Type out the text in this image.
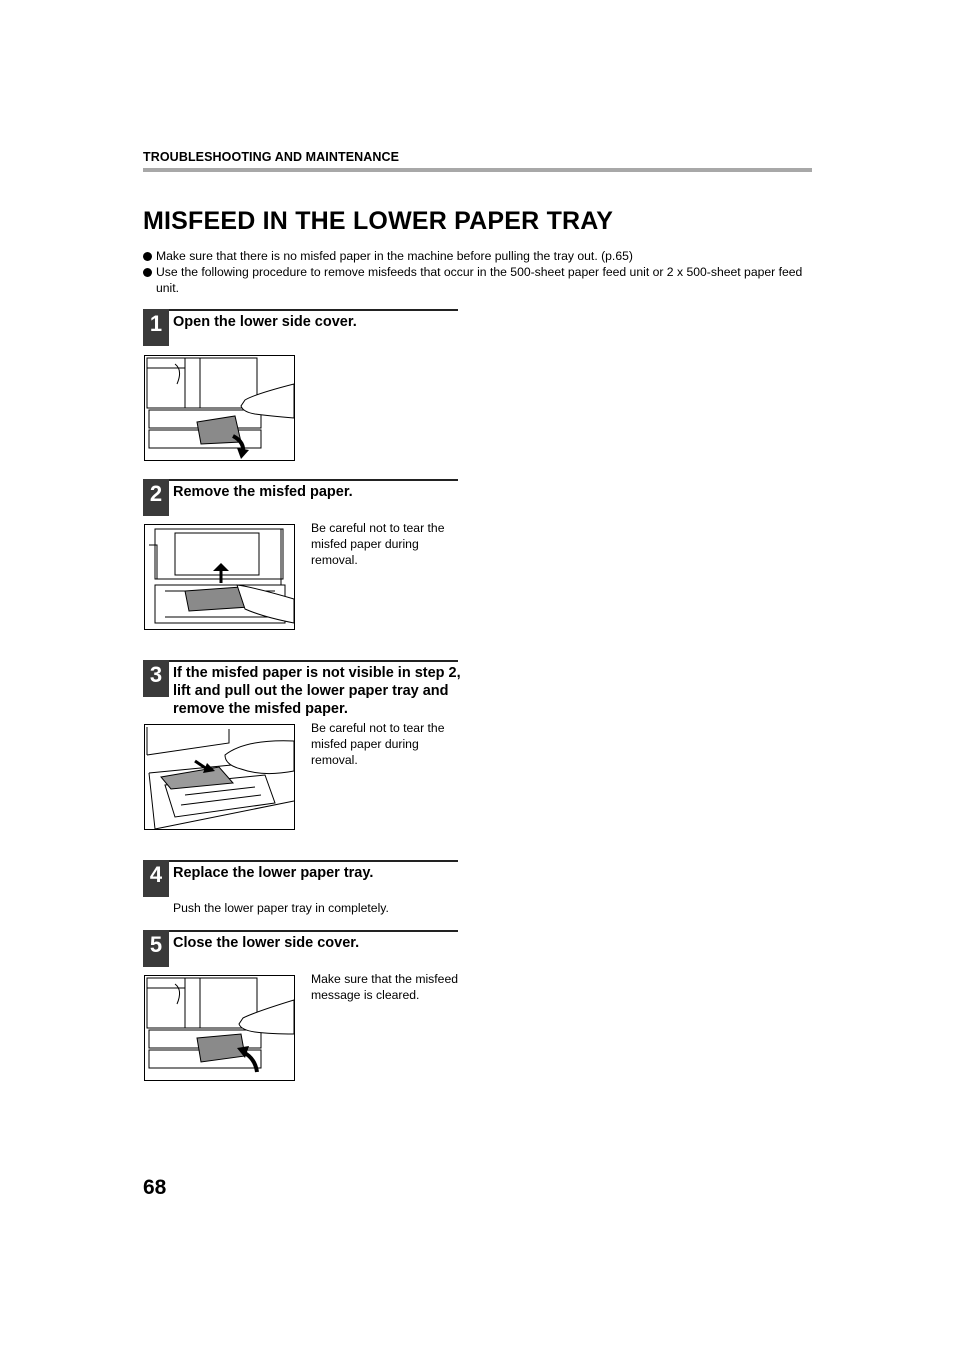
TROUBLESHOOTING AND MAINTENANCE
MISFEED IN THE LOWER PAPER TRAY
Make sure that there is no misfed paper in the machine before pulling the tray out. (p.65)
Use the following procedure to remove misfeeds that occur in the 500-sheet paper feed unit or 2 x 500-sheet paper feed unit.
1 Open the lower side cover.
2 Remove the misfed paper.
Be careful not to tear the misfed paper during removal.
3 If the misfed paper is not visible in step 2, lift and pull out the lower paper tray and remove the misfed paper.
Be careful not to tear the misfed paper during removal.
4 Replace the lower paper tray.
Push the lower paper tray in completely.
5 Close the lower side cover.
Make sure that the misfeed message is cleared.
68
